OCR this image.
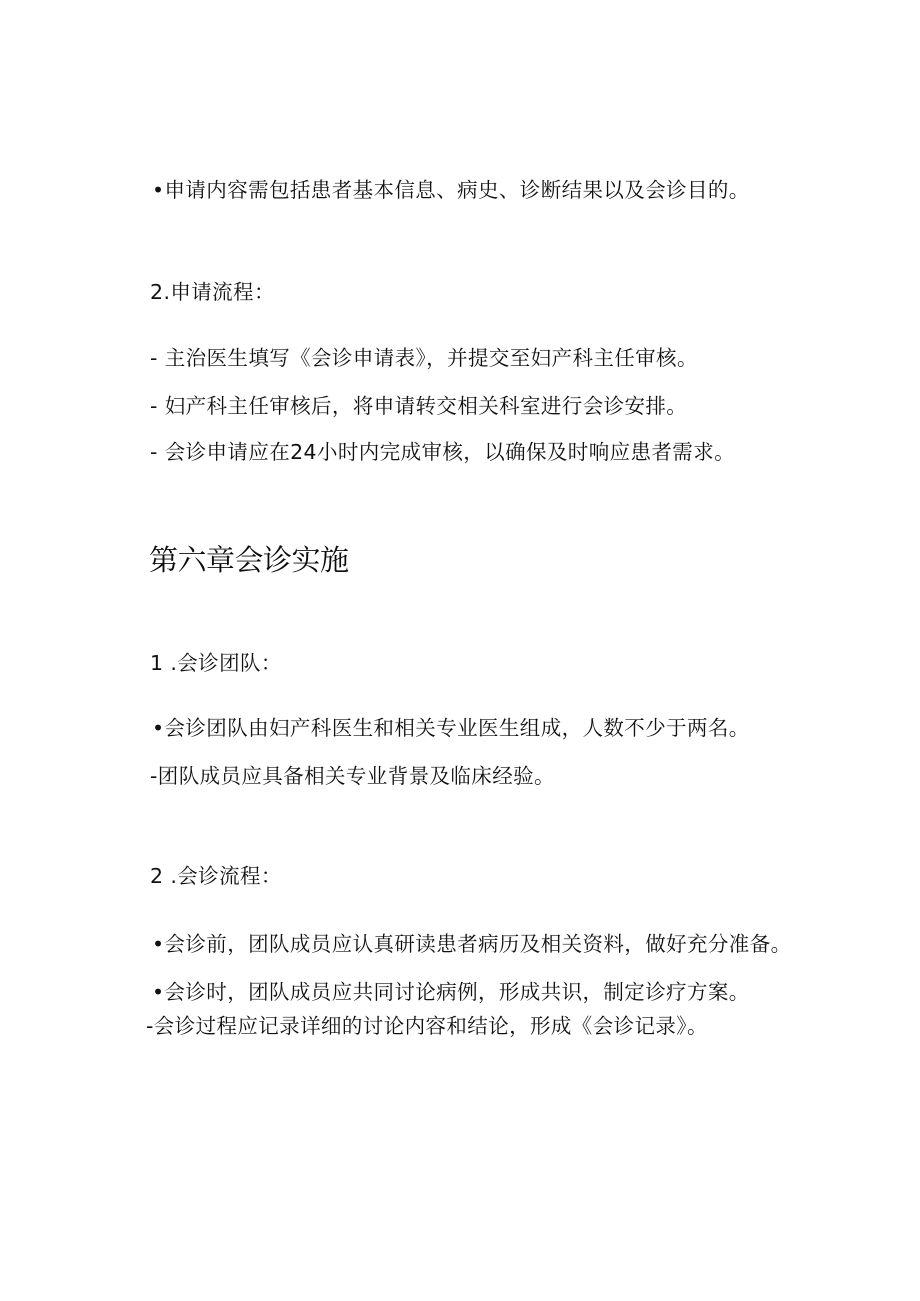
•申请内容需包括患者基本信息、病史、诊断结果以及会诊目的。
2.申请流程：
- 主治医生填写《会诊申请表》，并提交至妇产科主任审核。
- 妇产科主任审核后，将申请转交相关科室进行会诊安排。
- 会诊申请应在24小时内完成审核，以确保及时响应患者需求。
第六章会诊实施
1 .会诊团队：
•会诊团队由妇产科医生和相关专业医生组成，人数不少于两名。
-团队成员应具备相关专业背景及临床经验。
2 .会诊流程：
•会诊前，团队成员应认真研读患者病历及相关资料，做好充分准备。
•会诊时，团队成员应共同讨论病例，形成共识，制定诊疗方案。
-会诊过程应记录详细的讨论内容和结论，形成《会诊记录》。
